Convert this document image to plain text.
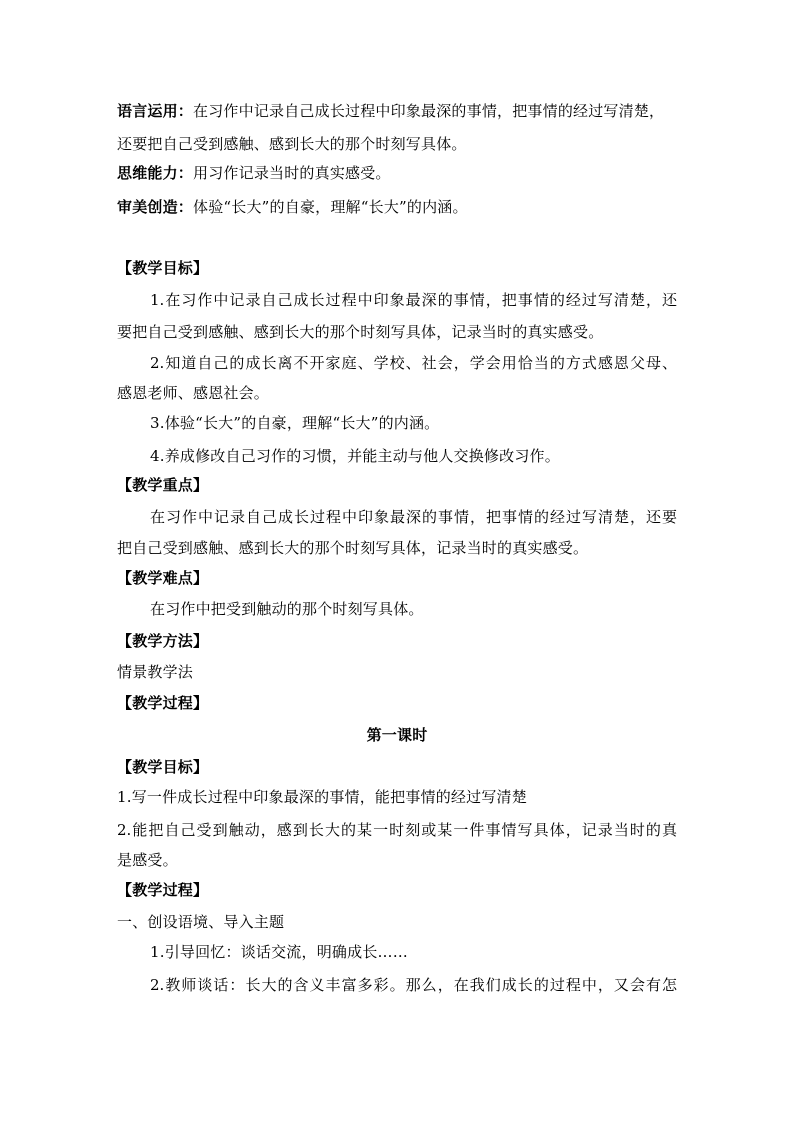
语言运用：在习作中记录自己成长过程中印象最深的事情，把事情的经过写清楚，
还要把自己受到感触、感到长大的那个时刻写具体。
思维能力：用习作记录当时的真实感受。
审美创造：体验“长大”的自豪，理解“长大”的内涵。
【教学目标】
1.在习作中记录自己成长过程中印象最深的事情，把事情的经过写清楚，还
要把自己受到感触、感到长大的那个时刻写具体，记录当时的真实感受。
2.知道自己的成长离不开家庭、学校、社会，学会用恰当的方式感恩父母、
感恩老师、感恩社会。
3.体验“长大”的自豪，理解“长大”的内涵。
4.养成修改自己习作的习惯，并能主动与他人交换修改习作。
【教学重点】
在习作中记录自己成长过程中印象最深的事情，把事情的经过写清楚，还要
把自己受到感触、感到长大的那个时刻写具体，记录当时的真实感受。
【教学难点】
在习作中把受到触动的那个时刻写具体。
【教学方法】
情景教学法
【教学过程】
第一课时
【教学目标】
1.写一件成长过程中印象最深的事情，能把事情的经过写清楚
2.能把自己受到触动，感到长大的某一时刻或某一件事情写具体，记录当时的真
是感受。
【教学过程】
一、创设语境、导入主题
1.引导回忆：谈话交流，明确成长……
2.教师谈话：长大的含义丰富多彩。那么，在我们成长的过程中，又会有怎
